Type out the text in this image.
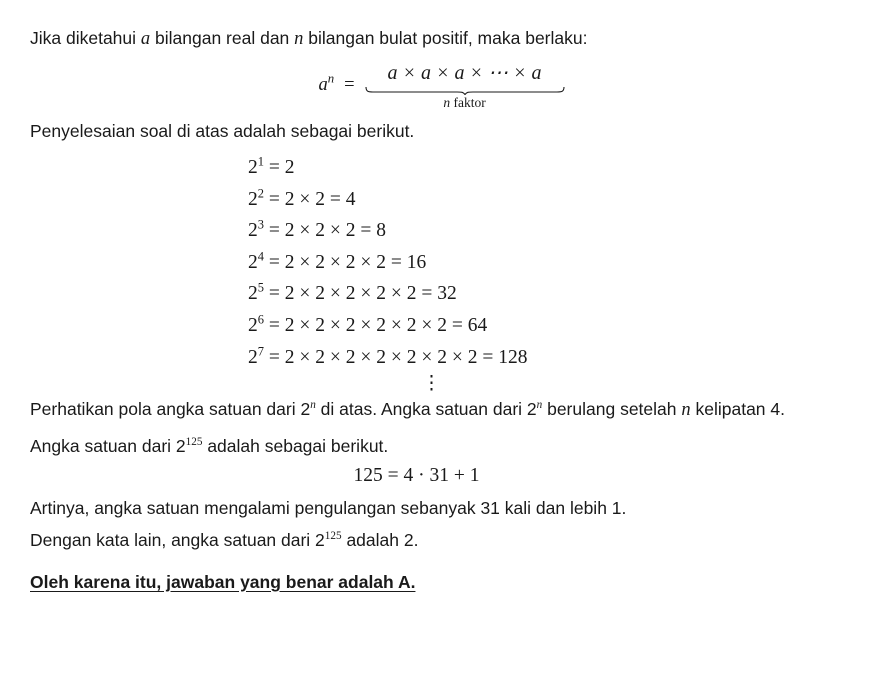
Jika diketahui a bilangan real dan n bilangan bulat positif, maka berlaku:
$a^n$ =
a × a × a × ⋯ × a
n faktor
Penyelesaian soal di atas adalah sebagai berikut.
$2^1 = 2$
$2^2 = 2 \times 2 = 4$
$2^3 = 2 \times 2 \times 2 = 8$
$2^4 = 2 \times 2 \times 2 \times 2 = 16$
$2^5 = 2 \times 2 \times 2 \times 2 \times 2 = 32$
$2^6 = 2 \times 2 \times 2 \times 2 \times 2 \times 2 = 64$
$2^7 = 2 \times 2 \times 2 \times 2 \times 2 \times 2 \times 2 = 128$
⋮
Perhatikan pola angka satuan dari 2$^n$ di atas. Angka satuan dari 2$^n$ berulang setelah n kelipatan 4.
Angka satuan dari $2^{125}$ adalah sebagai berikut.
125 = 4 · 31 + 1
Artinya, angka satuan mengalami pengulangan sebanyak 31 kali dan lebih 1.
Dengan kata lain, angka satuan dari $2^{125}$ adalah 2.
Oleh karena itu, jawaban yang benar adalah A.
